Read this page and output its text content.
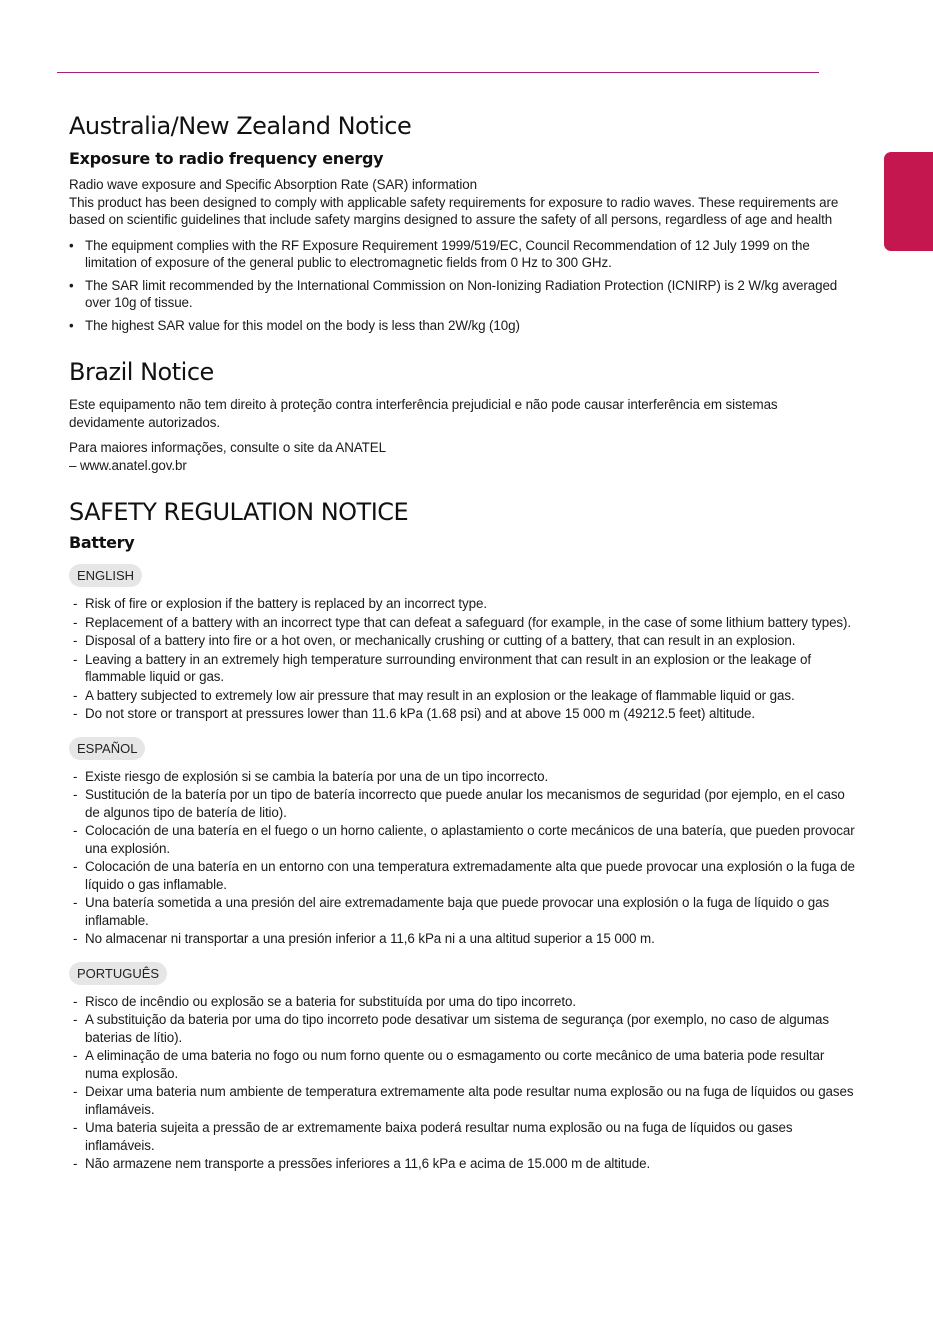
Australia/New Zealand Notice
Exposure to radio frequency energy

Radio wave exposure and Specific Absorption Rate (SAR) information

This product has been designed to comply with applicable safety requirements for exposure to radio waves. These requirements are based on scientific guidelines that include safety margins designed to assure the safety of all persons, regardless of age and health

• The equipment complies with the RF Exposure Requirement 1999/519/EC, Council Recommendation of 12 July 1999 on the limitation of exposure of the general public to electromagnetic fields from 0 Hz to 300 GHz.
• The SAR limit recommended by the International Commission on Non-Ionizing Radiation Protection (ICNIRP) is 2 W/kg averaged over 10g of tissue.
• The highest SAR value for this model on the body is less than 2W/kg (10g)
Brazil Notice

Este equipamento não tem direito à proteção contra interferência prejudicial e não pode causar interferência em sistemas devidamente autorizados.

Para maiores informações, consulte o site da ANATEL

– www.anatel.gov.br

SAFETY REGULATION NOTICE
Battery
ENGLISH
- Risk of fire or explosion if the battery is replaced by an incorrect type.
- Replacement of a battery with an incorrect type that can defeat a safeguard (for example, in the case of some lithium battery types).
- Disposal of a battery into fire or a hot oven, or mechanically crushing or cutting of a battery, that can result in an explosion.
- Leaving a battery in an extremely high temperature surrounding environment that can result in an explosion or the leakage of flammable liquid or gas.
- A battery subjected to extremely low air pressure that may result in an explosion or the leakage of flammable liquid or gas.
- Do not store or transport at pressures lower than 11.6 kPa (1.68 psi) and at above 15 000 m (49212.5 feet) altitude.
ESPAÑOL
- Existe riesgo de explosión si se cambia la batería por una de un tipo incorrecto.
- Sustitución de la batería por un tipo de batería incorrecto que puede anular los mecanismos de seguridad (por ejemplo, en el caso de algunos tipo de batería de litio).
- Colocación de una batería en el fuego o un horno caliente, o aplastamiento o corte mecánicos de una batería, que pueden provocar una explosión.
- Colocación de una batería en un entorno con una temperatura extremadamente alta que puede provocar una explosión o la fuga de líquido o gas inflamable.
- Una batería sometida a una presión del aire extremadamente baja que puede provocar una explosión o la fuga de líquido o gas inflamable.
- No almacenar ni transportar a una presión inferior a 11,6 kPa ni a una altitud superior a 15 000 m.
PORTUGUÊS
- Risco de incêndio ou explosão se a bateria for substituída por uma do tipo incorreto.
- A substituição da bateria por uma do tipo incorreto pode desativar um sistema de segurança (por exemplo, no caso de algumas baterias de lítio).
- A eliminação de uma bateria no fogo ou num forno quente ou o esmagamento ou corte mecânico de uma bateria pode resultar numa explosão.
- Deixar uma bateria num ambiente de temperatura extremamente alta pode resultar numa explosão ou na fuga de líquidos ou gases inflamáveis.
- Uma bateria sujeita a pressão de ar extremamente baixa poderá resultar numa explosão ou na fuga de líquidos ou gases inflamáveis.
- Não armazene nem transporte a pressões inferiores a 11,6 kPa e acima de 15.000 m de altitude.
